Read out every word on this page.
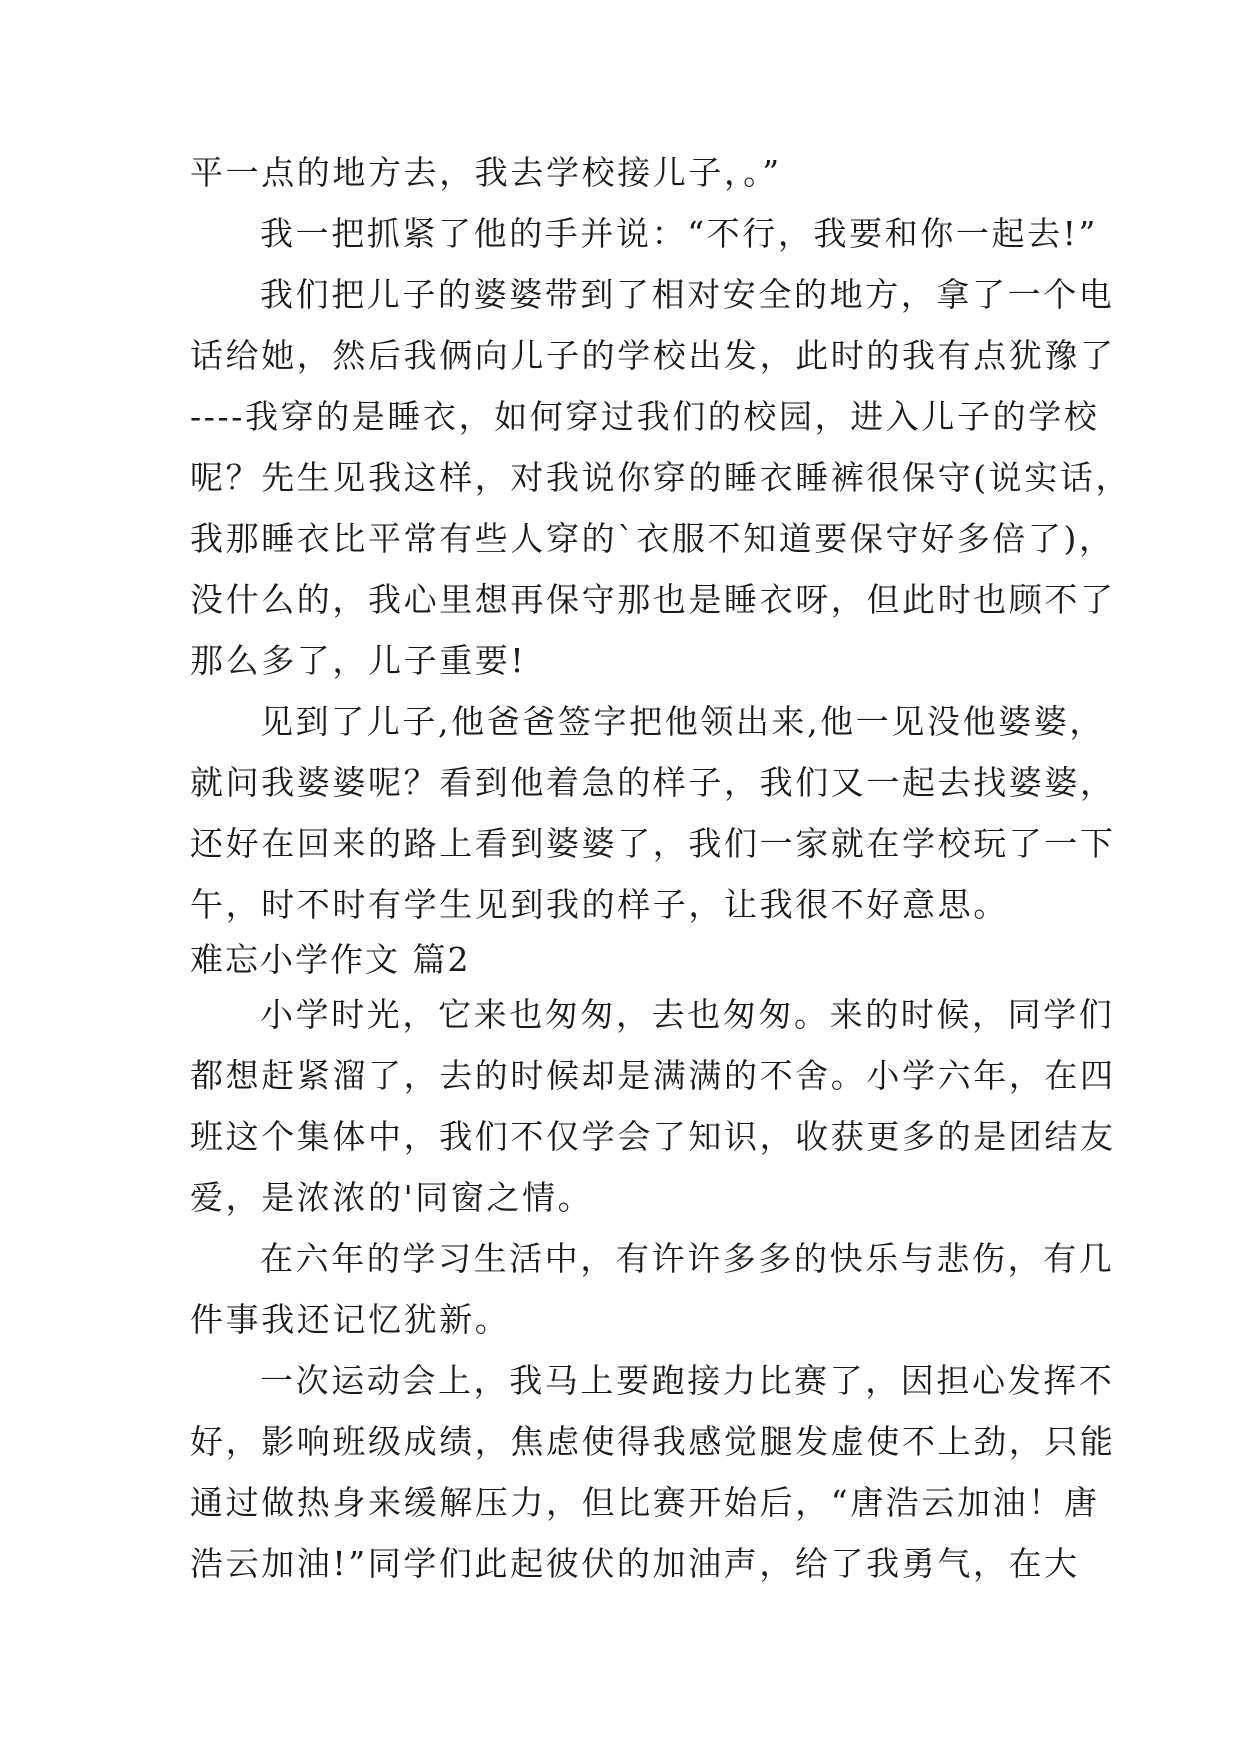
平一点的地方去，我去学校接儿子，。”
我一把抓紧了他的手并说：“不行，我要和你一起去!”
我们把儿子的婆婆带到了相对安全的地方，拿了一个电
话给她，然后我俩向儿子的学校出发，此时的我有点犹豫了
----我穿的是睡衣，如何穿过我们的校园，进入儿子的学校
呢？先生见我这样，对我说你穿的睡衣睡裤很保守(说实话，
我那睡衣比平常有些人穿的`衣服不知道要保守好多倍了)，
没什么的，我心里想再保守那也是睡衣呀，但此时也顾不了
那么多了，儿子重要!
见到了儿子,他爸爸签字把他领出来,他一见没他婆婆，
就问我婆婆呢？看到他着急的样子，我们又一起去找婆婆，
还好在回来的路上看到婆婆了，我们一家就在学校玩了一下
午，时不时有学生见到我的样子，让我很不好意思。
难忘小学作文 篇2
小学时光，它来也匆匆，去也匆匆。来的时候，同学们
都想赶紧溜了，去的时候却是满满的不舍。小学六年，在四
班这个集体中，我们不仅学会了知识，收获更多的是团结友
爱，是浓浓的'同窗之情。
在六年的学习生活中，有许许多多的快乐与悲伤，有几
件事我还记忆犹新。
一次运动会上，我马上要跑接力比赛了，因担心发挥不
好，影响班级成绩，焦虑使得我感觉腿发虚使不上劲，只能
通过做热身来缓解压力，但比赛开始后，“唐浩云加油！唐
浩云加油!”同学们此起彼伏的加油声，给了我勇气，在大
